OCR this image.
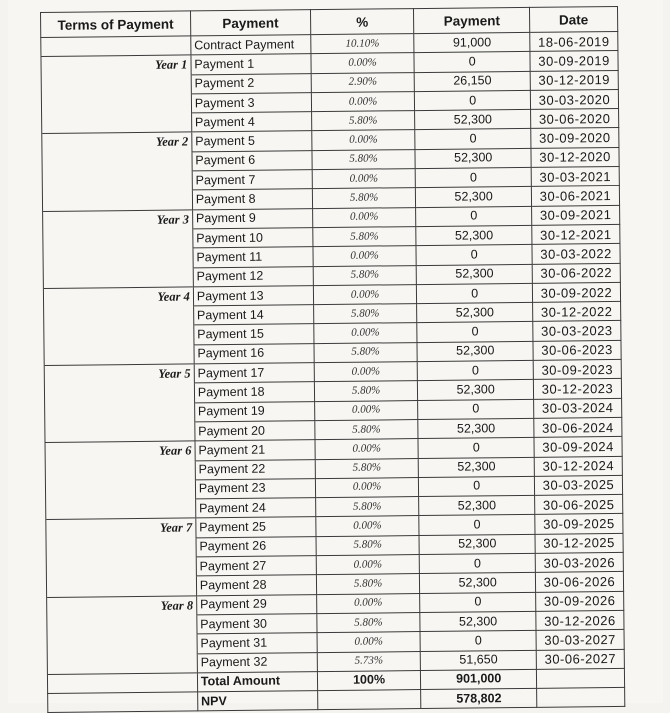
Terms of Payment	Payment	%	Payment	Date
	Contract Payment	10.10%	91,000	18-06-2019
Year 1	Payment 1	0.00%	0	30-09-2019
	Payment 2	2.90%	26,150	30-12-2019
	Payment 3	0.00%	0	30-03-2020
	Payment 4	5.80%	52,300	30-06-2020
Year 2	Payment 5	0.00%	0	30-09-2020
	Payment 6	5.80%	52,300	30-12-2020
	Payment 7	0.00%	0	30-03-2021
	Payment 8	5.80%	52,300	30-06-2021
Year 3	Payment 9	0.00%	0	30-09-2021
	Payment 10	5.80%	52,300	30-12-2021
	Payment 11	0.00%	0	30-03-2022
	Payment 12	5.80%	52,300	30-06-2022
Year 4	Payment 13	0.00%	0	30-09-2022
	Payment 14	5.80%	52,300	30-12-2022
	Payment 15	0.00%	0	30-03-2023
	Payment 16	5.80%	52,300	30-06-2023
Year 5	Payment 17	0.00%	0	30-09-2023
	Payment 18	5.80%	52,300	30-12-2023
	Payment 19	0.00%	0	30-03-2024
	Payment 20	5.80%	52,300	30-06-2024
Year 6	Payment 21	0.00%	0	30-09-2024
	Payment 22	5.80%	52,300	30-12-2024
	Payment 23	0.00%	0	30-03-2025
	Payment 24	5.80%	52,300	30-06-2025
Year 7	Payment 25	0.00%	0	30-09-2025
	Payment 26	5.80%	52,300	30-12-2025
	Payment 27	0.00%	0	30-03-2026
	Payment 28	5.80%	52,300	30-06-2026
Year 8	Payment 29	0.00%	0	30-09-2026
	Payment 30	5.80%	52,300	30-12-2026
	Payment 31	0.00%	0	30-03-2027
	Payment 32	5.73%	51,650	30-06-2027
	Total Amount	100%	901,000	
	NPV		578,802	
